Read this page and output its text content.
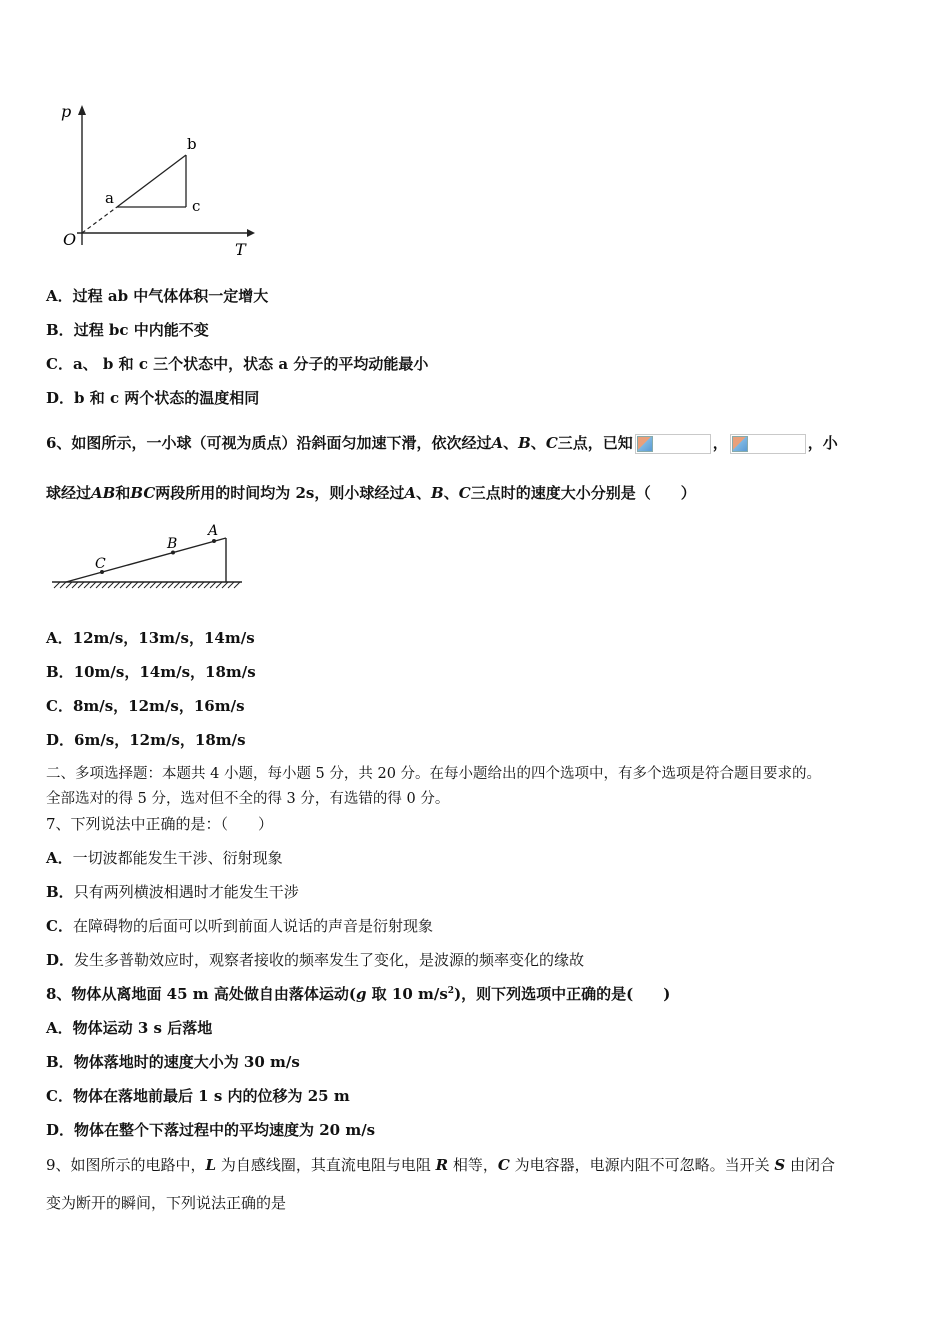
p
T
O
a
b
c
A．过程 ab 中气体体积一定增大
B．过程 bc 中内能不变
C．a、 b 和 c 三个状态中，状态 a 分子的平均动能最小
D．b 和 c 两个状态的温度相同
6、如图所示，一小球（可视为质点）沿斜面匀加速下滑，依次经过A、B、C三点，已知	，	，小
球经过AB和BC两段所用的时间均为 2s，则小球经过A、B、C三点时的速度大小分别是（　　）
C
B
A
A．12m/s，13m/s，14m/s
B．10m/s，14m/s，18m/s
C．8m/s，12m/s，16m/s
D．6m/s，12m/s，18m/s
二、多项选择题：本题共 4 小题，每小题 5 分，共 20 分。在每小题给出的四个选项中，有多个选项是符合题目要求的。
全部选对的得 5 分，选对但不全的得 3 分，有选错的得 0 分。
7、下列说法中正确的是：（　　）
A．一切波都能发生干涉、衍射现象
B．只有两列横波相遇时才能发生干涉
C．在障碍物的后面可以听到前面人说话的声音是衍射现象
D．发生多普勒效应时，观察者接收的频率发生了变化，是波源的频率变化的缘故
8、物体从离地面 45 m 高处做自由落体运动(g 取 10 $m/s^2$)，则下列选项中正确的是(　　)
A．物体运动 3 s 后落地
B．物体落地时的速度大小为 30 m/s
C．物体在落地前最后 1 s 内的位移为 25 m
D．物体在整个下落过程中的平均速度为 20 m/s
9、如图所示的电路中，L 为自感线圈，其直流电阻与电阻 R 相等，C 为电容器，电源内阻不可忽略。当开关 S 由闭合
变为断开的瞬间，下列说法正确的是
